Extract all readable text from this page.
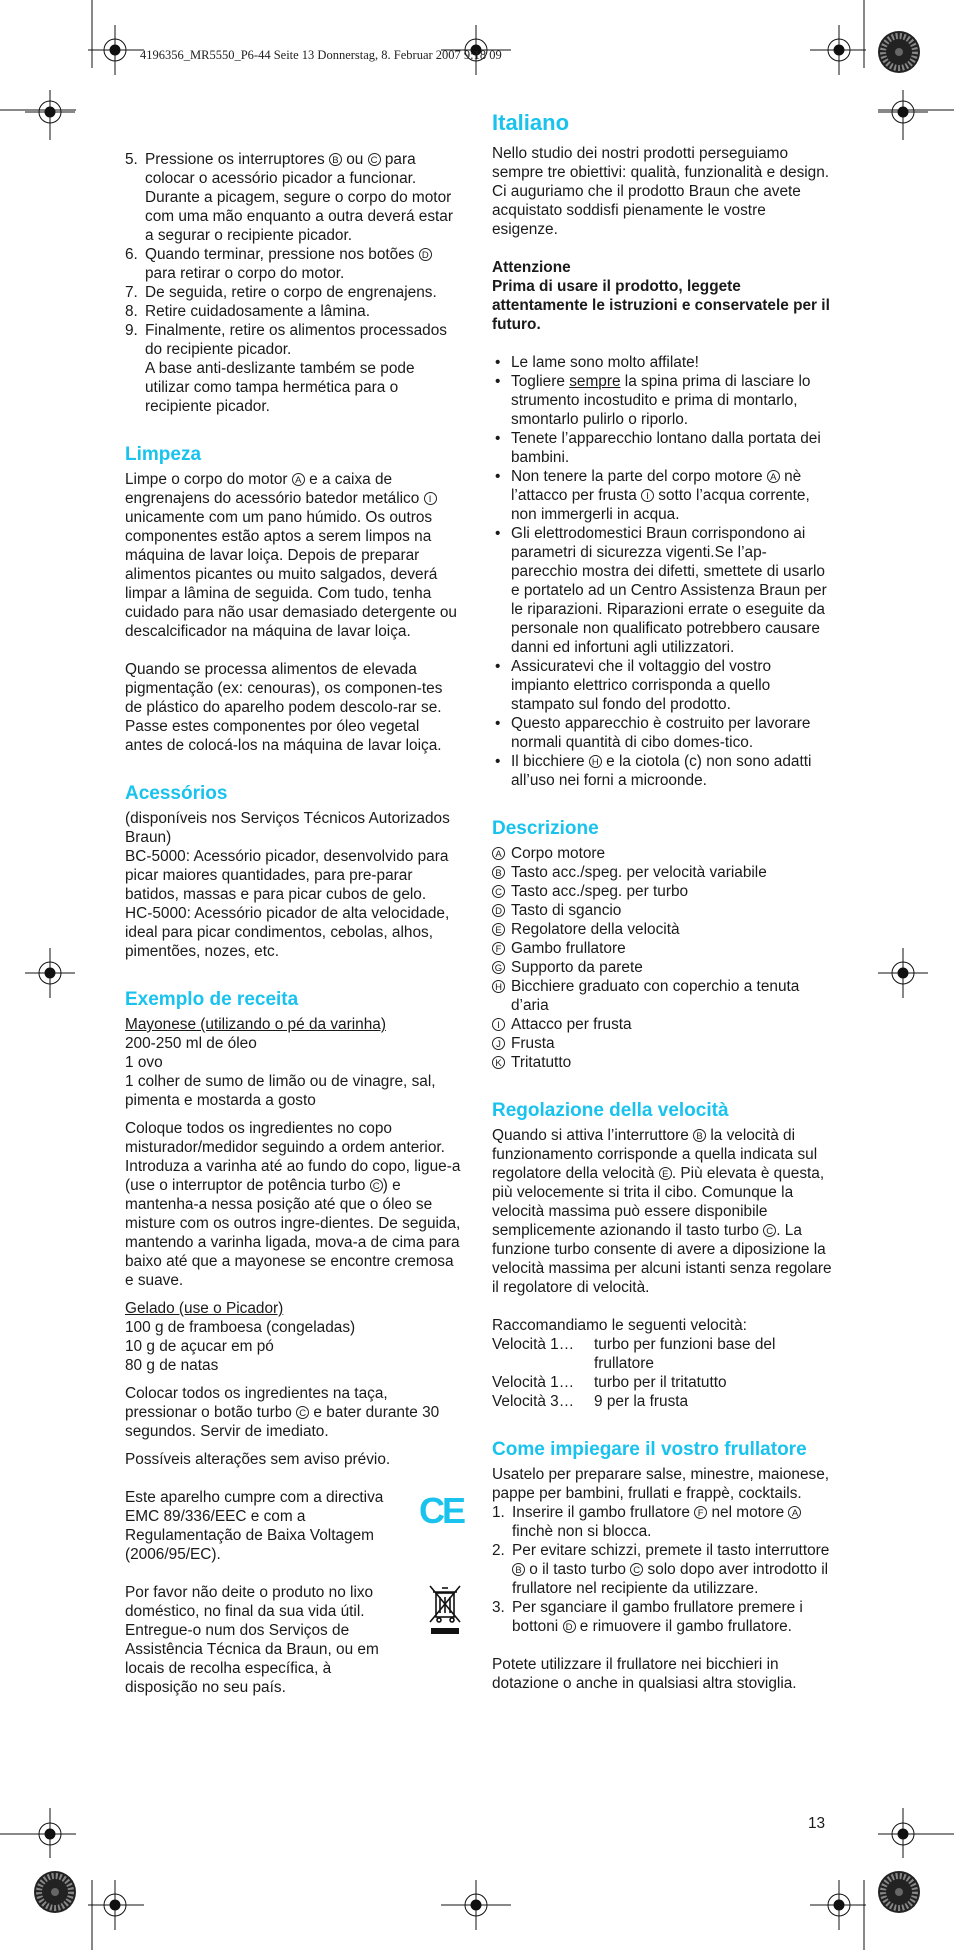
4196356_MR5550_P6-44 Seite 13 Donnerstag, 8. Februar 2007 9:18 09
5. Pressione os interruptores B ou C para colocar o acessório picador a funcionar. Durante a picagem, segure o corpo do motor com uma mão enquanto a outra deverá estar a segurar o recipiente picador.
6. Quando terminar, pressione nos botões D para retirar o corpo do motor.
7. De seguida, retire o corpo de engrenajens.
8. Retire cuidadosamente a lâmina.
9. Finalmente, retire os alimentos processados do recipiente picador.
A base anti-deslizante também se pode utilizar como tampa hermética para o recipiente picador.
Limpeza

Limpe o corpo do motor A e a caixa de engrenajens do acessório batedor metálico I unicamente com um pano húmido. Os outros componentes estão aptos a serem limpos na máquina de lavar loiça. Depois de preparar alimentos picantes ou muito salgados, deverá limpar a lâmina de seguida. Com tudo, tenha cuidado para não usar demasiado detergente ou descalcificador na máquina de lavar loiça.

Quando se processa alimentos de elevada pigmentação (ex: cenouras), os componen-tes de plástico do aparelho podem descolo-rar se. Passe estes componentes por óleo vegetal antes de colocá-los na máquina de lavar loiça.

Acessórios

(disponíveis nos Serviços Técnicos Autorizados Braun)

BC-5000: Acessório picador, desenvolvido para picar maiores quantidades, para pre-parar batidos, massas e para picar cubos de gelo.

HC-5000: Acessório picador de alta velocidade, ideal para picar condimentos, cebolas, alhos, pimentões, nozes, etc.

Exemplo de receita

Mayonese (utilizando o pé da varinha)

200-250 ml de óleo

1 ovo

1 colher de sumo de limão ou de vinagre, sal, pimenta e mostarda a gosto

Coloque todos os ingredientes no copo misturador/medidor seguindo a ordem anterior. Introduza a varinha até ao fundo do copo, ligue-a (use o interruptor de potência turbo C ) e mantenha-a nessa posição até que o óleo se misture com os outros ingre-dientes. De seguida, mantendo a varinha ligada, mova-a de cima para baixo até que a mayonese se encontre cremosa e suave.

Gelado (use o Picador)

100 g de framboesa (congeladas)

10 g de açucar em pó

80 g de natas

Colocar todos os ingredientes na taça, pressionar o botão turbo C e bater durante 30 segundos. Servir de imediato.

Possíveis alterações sem aviso prévio.

Este aparelho cumpre com a directiva EMC 89/336/EEC e com a Regulamentação de Baixa Voltagem (2006/95/EC).

CE

Por favor não deite o produto no lixo doméstico, no final da sua vida útil. Entregue-o num dos Serviços de Assistência Técnica da Braun, ou em locais de recolha específica, à disposição no seu país.

Italiano

Nello studio dei nostri prodotti perseguiamo sempre tre obiettivi: qualità, funzionalità e design. Ci auguriamo che il prodotto Braun che avete acquistato soddisfi pienamente le vostre esigenze.

Attenzione

Prima di usare il prodotto, leggete attentamente le istruzioni e conservatele per il futuro.

• Le lame sono molto affilate!
• Togliere sempre la spina prima di lasciare lo strumento incostudito e prima di montarlo, smontarlo pulirlo o riporlo.
• Tenete l’apparecchio lontano dalla portata dei bambini.
• Non tenere la parte del corpo motore A nè l’attacco per frusta I sotto l’acqua corrente, non immergerli in acqua.
• Gli elettrodomestici Braun corrispondono ai parametri di sicurezza vigenti.Se l’ap-parecchio mostra dei difetti, smettete di usarlo e portatelo ad un Centro Assistenza Braun per le riparazioni. Riparazioni errate o eseguite da personale non qualificato potrebbero causare danni ed infortuni agli utilizzatori.
• Assicuratevi che il voltaggio del vostro impianto elettrico corrisponda a quello stampato sul fondo del prodotto.
• Questo apparecchio è costruito per lavorare normali quantità di cibo domes-tico.
• Il bicchiere H e la ciotola (c) non sono adatti all’uso nei forni a microonde.
Descrizione
A Corpo motore
B Tasto acc./speg. per velocità variabile
C Tasto acc./speg. per turbo
D Tasto di sgancio
E Regolatore della velocità
F Gambo frullatore
G Supporto da parete
H Bicchiere graduato con coperchio a tenuta d’aria
I Attacco per frusta
J Frusta
K Tritatutto
Regolazione della velocità

Quando si attiva l’interruttore B la velocità di funzionamento corrisponde a quella indicata sul regolatore della velocità E . Più elevata è questa, più velocemente si trita il cibo. Comunque la velocità massima può essere disponibile semplicemente azionando il tasto turbo C . La funzione turbo consente di avere a diposizione la velocità massima per alcuni istanti senza regolare il regolatore di velocità.

Raccomandiamo le seguenti velocità:

Velocità 1…	turbo per funzioni base del frullatore
Velocità 1…	turbo per il tritatutto
Velocità 3…	9 per la frusta
Come impiegare il vostro frullatore

Usatelo per preparare salse, minestre, maionese, pappe per bambini, frullati e frappè, cocktails.

1. Inserire il gambo frullatore F nel motore A finchè non si blocca.
2. Per evitare schizzi, premete il tasto interruttore B o il tasto turbo C solo dopo aver introdotto il frullatore nel recipiente da utilizzare.
3. Per sganciare il gambo frullatore premere i bottoni D e rimuovere il gambo frullatore.

Potete utilizzare il frullatore nei bicchieri in dotazione o anche in qualsiasi altra stoviglia.

13
